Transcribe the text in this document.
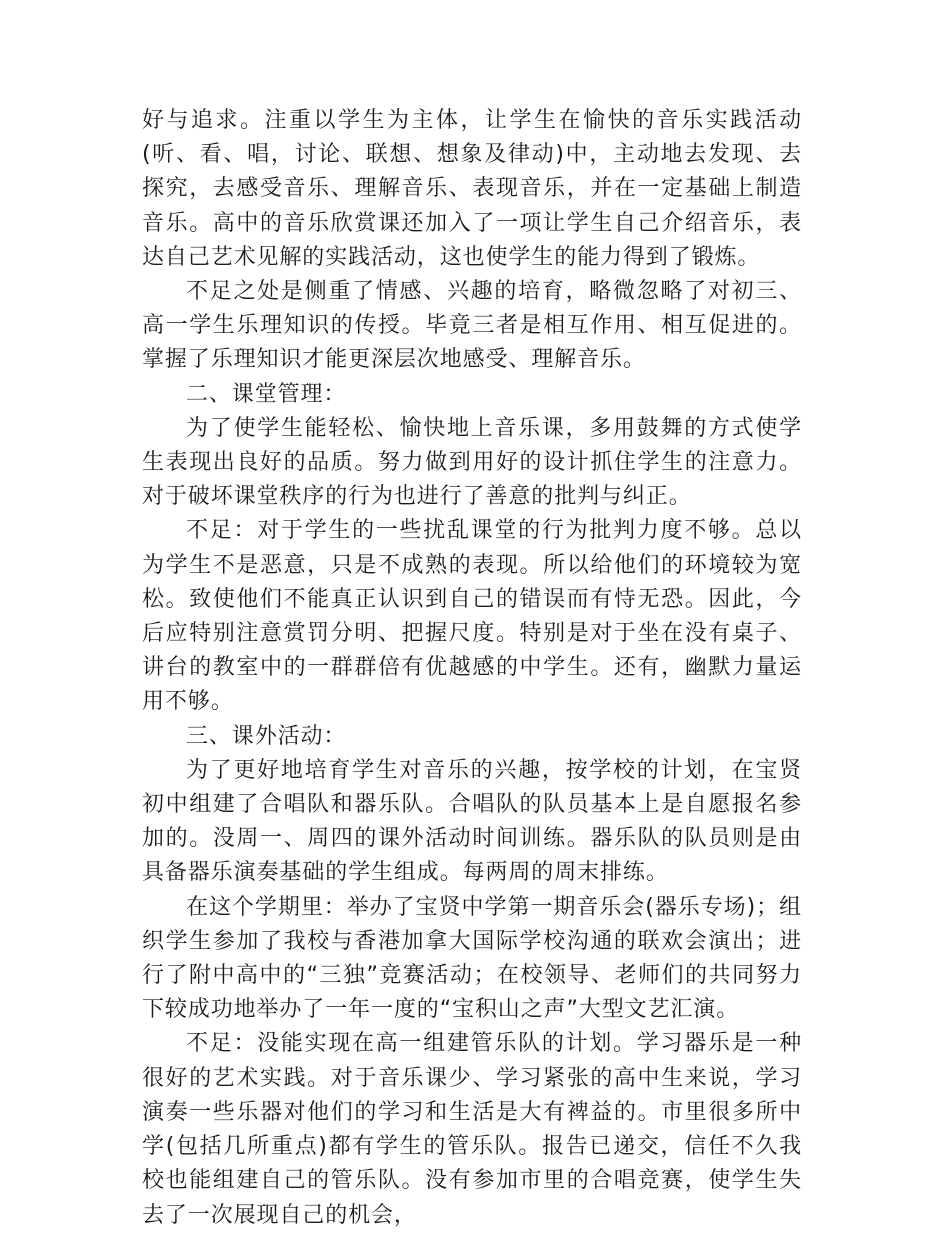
好与追求。注重以学生为主体，让学生在愉快的音乐实践活动(听、看、唱，讨论、联想、想象及律动)中，主动地去发现、去探究，去感受音乐、理解音乐、表现音乐，并在一定基础上制造音乐。高中的音乐欣赏课还加入了一项让学生自己介绍音乐，表达自己艺术见解的实践活动，这也使学生的能力得到了锻炼。

不足之处是侧重了情感、兴趣的培育，略微忽略了对初三、高一学生乐理知识的传授。毕竟三者是相互作用、相互促进的。掌握了乐理知识才能更深层次地感受、理解音乐。

二、课堂管理：

为了使学生能轻松、愉快地上音乐课，多用鼓舞的方式使学生表现出良好的品质。努力做到用好的设计抓住学生的注意力。对于破坏课堂秩序的行为也进行了善意的批判与纠正。

不足：对于学生的一些扰乱课堂的行为批判力度不够。总以为学生不是恶意，只是不成熟的表现。所以给他们的环境较为宽松。致使他们不能真正认识到自己的错误而有恃无恐。因此，今后应特别注意赏罚分明、把握尺度。特别是对于坐在没有桌子、讲台的教室中的一群群倍有优越感的中学生。还有，幽默力量运用不够。

三、课外活动：

为了更好地培育学生对音乐的兴趣，按学校的计划，在宝贤初中组建了合唱队和器乐队。合唱队的队员基本上是自愿报名参加的。没周一、周四的课外活动时间训练。器乐队的队员则是由具备器乐演奏基础的学生组成。每两周的周末排练。

在这个学期里：举办了宝贤中学第一期音乐会(器乐专场)；组织学生参加了我校与香港加拿大国际学校沟通的联欢会演出；进行了附中高中的“三独”竞赛活动；在校领导、老师们的共同努力下较成功地举办了一年一度的“宝积山之声”大型文艺汇演。

不足：没能实现在高一组建管乐队的计划。学习器乐是一种很好的艺术实践。对于音乐课少、学习紧张的高中生来说，学习演奏一些乐器对他们的学习和生活是大有裨益的。市里很多所中学(包括几所重点)都有学生的管乐队。报告已递交，信任不久我校也能组建自己的管乐队。没有参加市里的合唱竞赛，使学生失去了一次展现自己的机会，
